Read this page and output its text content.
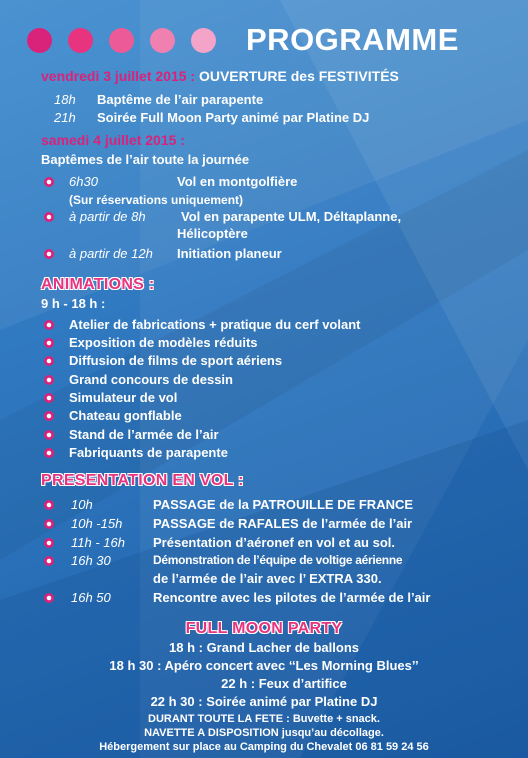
PROGRAMME
vendredi 3 juillet 2015 : OUVERTURE des FESTIVITÉS
18h Baptême de l’air parapente
21h Soirée Full Moon Party animé par Platine DJ
samedi 4 juillet 2015 :
Baptêmes de l’air toute la journée
6h30	Vol en montgolfière
(Sur réservations uniquement)
à partir de 8h	Vol en parapente ULM, Déltaplanne,
Hélicoptère
à partir de 12h Initiation planeur
ANIMATIONS :
9 h - 18 h :
Atelier de fabrications + pratique du cerf volant
Exposition de modèles réduits
Diffusion de films de sport aériens
Grand concours de dessin
Simulateur de vol
Chateau gonflable
Stand de l’armée de l’air
Fabriquants de parapente
PRESENTATION EN VOL :
10h	PASSAGE de la PATROUILLE DE FRANCE
10h -15h PASSAGE de RAFALES de l’armée de l’air
11h - 16h Présentation d’aéronef en vol et au sol.
16h 30	Démonstration de l’équipe de voltige aérienne
de l’armée de l’air avec l’ EXTRA 330.
16h 50	Rencontre avec les pilotes de l’armée de l’air
FULL MOON PARTY
18 h : Grand Lacher de ballons
18 h 30 : Apéro concert avec ‘‘Les Morning Blues’’
22 h : Feux d’artifice
22 h 30 : Soirée animé par Platine DJ
DURANT TOUTE LA FETE : Buvette + snack.
NAVETTE A DISPOSITION jusqu’au décollage.
Hébergement sur place au Camping du Chevalet 06 81 59 24 56
